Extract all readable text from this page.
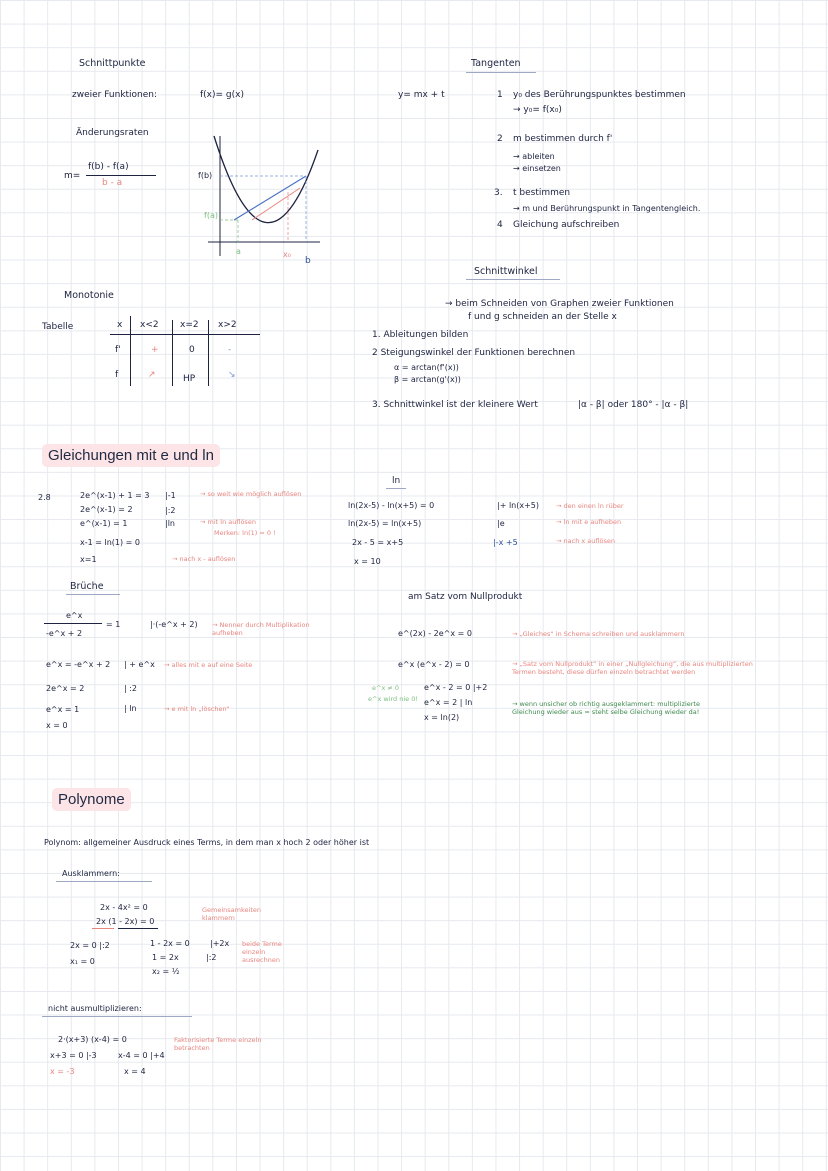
Schnittpunkte
zweier Funktionen:	f(x)= g(x)
Änderungsraten
m=
f(b) - f(a)
b - a
f(b)
f(a)
a	x₀
b
Tangenten
y= mx + t	1 y₀ des Berührungspunktes bestimmen
→ y₀= f(x₀)
2 m bestimmen durch f'
→ ableiten
→ einsetzen
3. t bestimmen
→ m und Berührungspunkt in Tangentengleich.
4 Gleichung aufschreiben
Monotonie
Tabelle	x x<2 x=2 x>2
f'	+	0	-
f	↗	HP	↘
Schnittwinkel
→ beim Schneiden von Graphen zweier Funktionen
f und g schneiden an der Stelle x
1. Ableitungen bilden
2 Steigungswinkel der Funktionen berechnen
α = arctan(f'(x))
β = arctan(g'(x))
3. Schnittwinkel ist der kleinere Wert	|α - β| oder 180° - |α - β|
Gleichungen mit e und ln
2.8	2e^(x-1) + 1 = 3
2e^(x-1) = 2
e^(x-1) = 1
x-1 = ln(1) = 0
x=1
|-1
|:2
|ln
→ so weit wie möglich auflösen
→ mit ln auflösen
Merken: ln(1) = 0 !
→ nach x - auflösen
ln
ln(2x-5) - ln(x+5) = 0
ln(2x-5) = ln(x+5)
2x - 5 = x+5
x = 10
|+ ln(x+5)
|e
|-x +5
→ den einen ln rüber
→ ln mit e aufheben
→ nach x auflösen
Brüche
e^x
-e^x + 2
= 1	|·(-e^x + 2) → Nenner durch Multiplikation aufheben
e^x = -e^x + 2
2e^x = 2
e^x = 1
x = 0
| + e^x
| :2
| ln
→ alles mit e auf eine Seite
→ e mit ln „löschen“
am Satz vom Nullprodukt
e^(2x) - 2e^x = 0
e^x (e^x - 2) = 0
e^x ≠ 0
e^x wird nie 0!
e^x - 2 = 0 |+2
e^x = 2 | ln
x = ln(2)
→ „Gleiches“ in Schema schreiben und ausklammern
→ „Satz vom Nullprodukt“ in einer „Nullgleichung“, die aus multiplizierten Termen besteht, diese dürfen einzeln betrachtet werden
→ wenn unsicher ob richtig ausgeklammert: multiplizierte Gleichung wieder aus = steht selbe Gleichung wieder da!
Polynome
Polynom: allgemeiner Ausdruck eines Terms, in dem man x hoch 2 oder höher ist
Ausklammern:
2x - 4x² = 0
2x (1 - 2x) = 0
2x = 0 |:2
x₁ = 0
1 - 2x = 0
1 = 2x
x₂ = ½
|+2x
|:2
Gemeinsamkeiten klammern
beide Terme einzeln ausrechnen
nicht ausmultiplizieren:
2·(x+3) (x-4) = 0
x+3 = 0 |-3	x-4 = 0 |+4
x = -3	x = 4
Faktorisierte Terme einzeln betrachten
